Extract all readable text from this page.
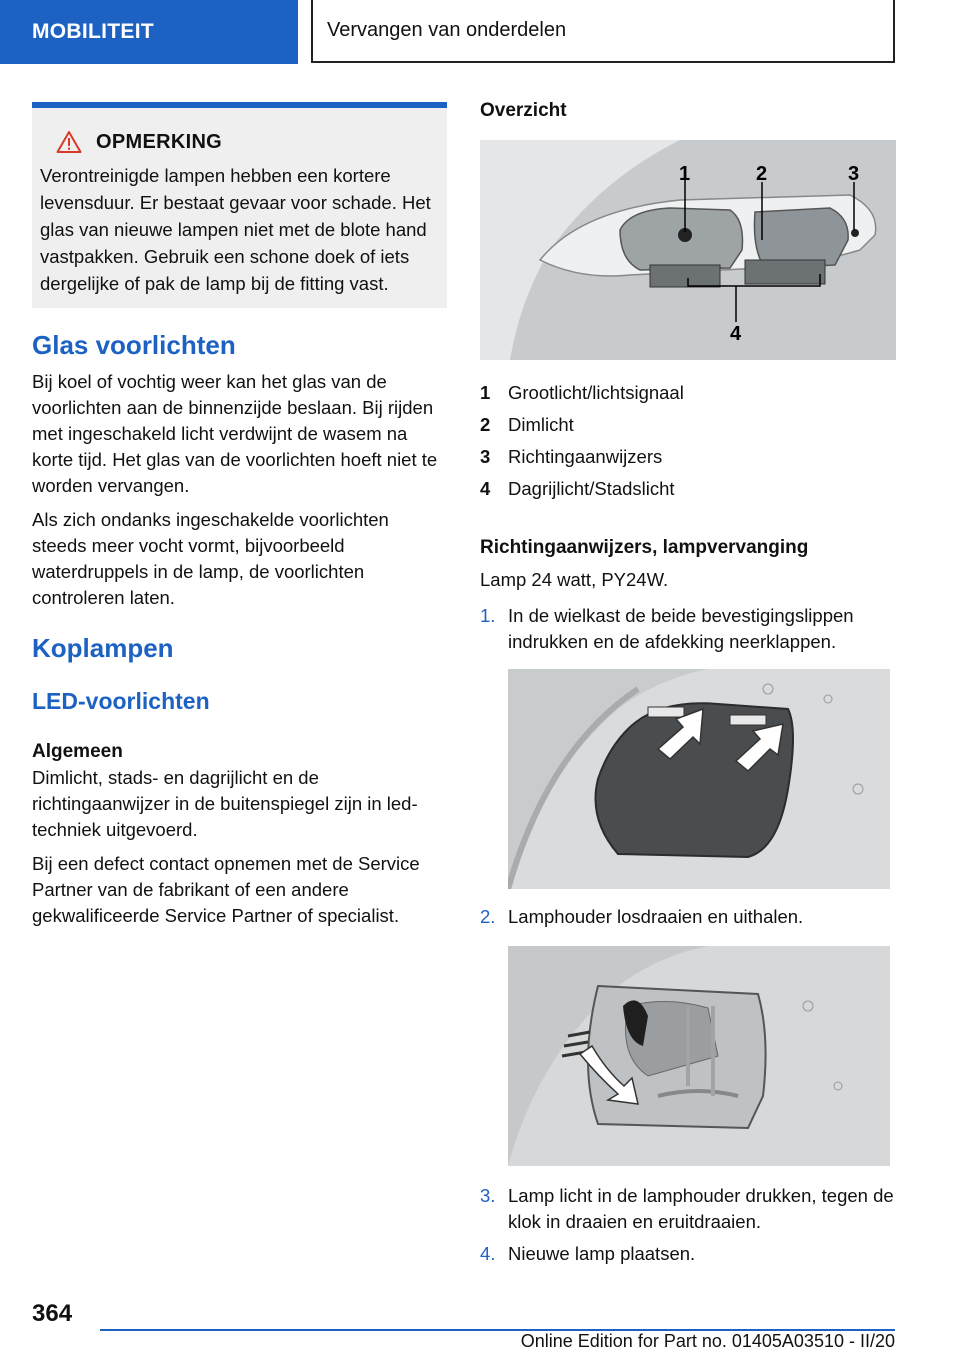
MOBILITEIT	Vervangen van onderdelen
OPMERKING
Verontreinigde lampen hebben een kortere levensduur. Er bestaat gevaar voor schade. Het glas van nieuwe lampen niet met de blote hand vastpakken. Gebruik een schone doek of iets dergelijke of pak de lamp bij de fitting vast.
Glas voorlichten

Bij koel of vochtig weer kan het glas van de voorlichten aan de binnenzijde beslaan. Bij rijden met ingeschakeld licht verdwijnt de wasem na korte tijd. Het glas van de voorlichten hoeft niet te worden vervangen.

Als zich ondanks ingeschakelde voorlichten steeds meer vocht vormt, bijvoorbeeld waterdruppels in de lamp, de voorlichten controleren laten.

Koplampen
LED-voorlichten
Algemeen

Dimlicht, stads- en dagrijlicht en de richtingaanwijzer in de buitenspiegel zijn in led-techniek uitgevoerd.

Bij een defect contact opnemen met de Service Partner van de fabrikant of een andere gekwalificeerde Service Partner of specialist.

Overzicht
1	2	3
4
1 Grootlicht/lichtsignaal
2 Dimlicht
3 Richtingaanwijzers
4 Dagrijlicht/Stadslicht
Richtingaanwijzers, lampvervanging

Lamp 24 watt, PY24W.

1. In de wielkast de beide bevestigingslippen indrukken en de afdekking neerklappen.
2. Lamphouder losdraaien en uithalen.
3. Lamp licht in de lamphouder drukken, tegen de klok in draaien en eruitdraaien.
4. Nieuwe lamp plaatsen.
364
Online Edition for Part no. 01405A03510 - II/20
